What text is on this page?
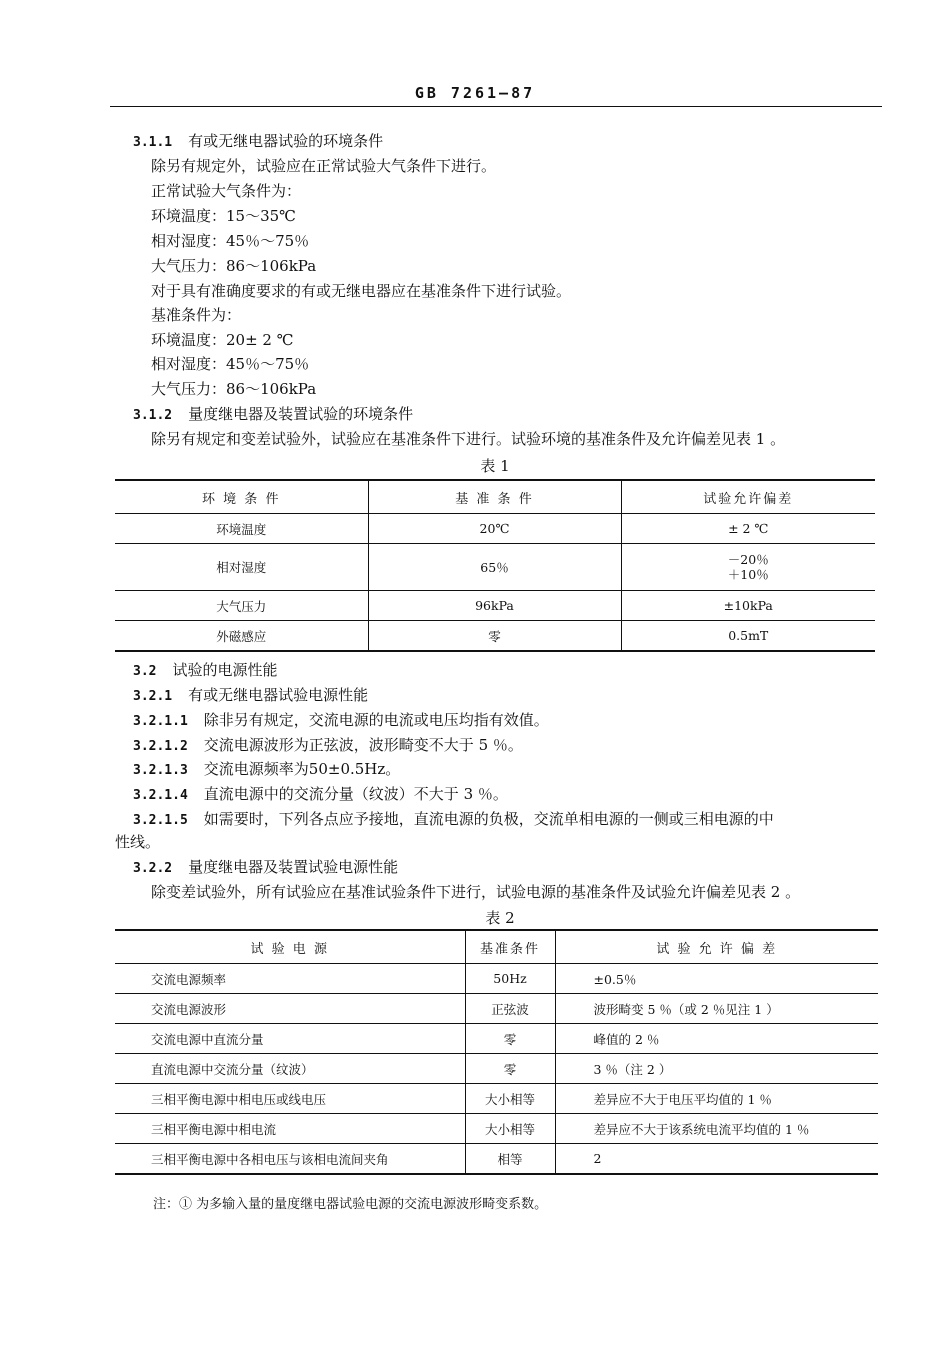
GB 7261—87
3.1.1 有或无继电器试验的环境条件
除另有规定外，试验应在正常试验大气条件下进行。
正常试验大气条件为：
环境温度：15～35℃
相对湿度：45％～75％
大气压力：86～106kPa
对于具有准确度要求的有或无继电器应在基准条件下进行试验。
基准条件为：
环境温度：20± 2 ℃
相对湿度：45％～75％
大气压力：86～106kPa
3.1.2 量度继电器及装置试验的环境条件
除另有规定和变差试验外，试验应在基准条件下进行。试验环境的基准条件及允许偏差见表 1 。
表 1
环 境 条 件	基 准 条 件	试验允许偏差
环境温度	20℃	± 2 ℃
相对湿度	65％	－20％
＋10％
大气压力	96kPa	±10kPa
外磁感应	零	0.5mT
3.2 试验的电源性能
3.2.1 有或无继电器试验电源性能
3.2.1.1 除非另有规定，交流电源的电流或电压均指有效值。
3.2.1.2 交流电源波形为正弦波，波形畸变不大于 5 ％。
3.2.1.3 交流电源频率为50±0.5Hz。
3.2.1.4 直流电源中的交流分量（纹波）不大于 3 ％。
3.2.1.5 如需要时，下列各点应予接地，直流电源的负极，交流单相电源的一侧或三相电源的中
性线。
3.2.2 量度继电器及装置试验电源性能
除变差试验外，所有试验应在基准试验条件下进行，试验电源的基准条件及试验允许偏差见表 2 。
表 2
试 验 电 源	基准条件	试 验 允 许 偏 差
交流电源频率	50Hz	±0.5％
交流电源波形	正弦波	波形畸变 5 ％（或 2 ％见注 1 ）
交流电源中直流分量	零	峰值的 2 ％
直流电源中交流分量（纹波）	零	3 ％（注 2 ）
三相平衡电源中相电压或线电压	大小相等	差异应不大于电压平均值的 1 ％
三相平衡电源中相电流	大小相等	差异应不大于该系统电流平均值的 1 ％
三相平衡电源中各相电压与该相电流间夹角	相等	2
注：① 为多输入量的量度继电器试验电源的交流电源波形畸变系数。
